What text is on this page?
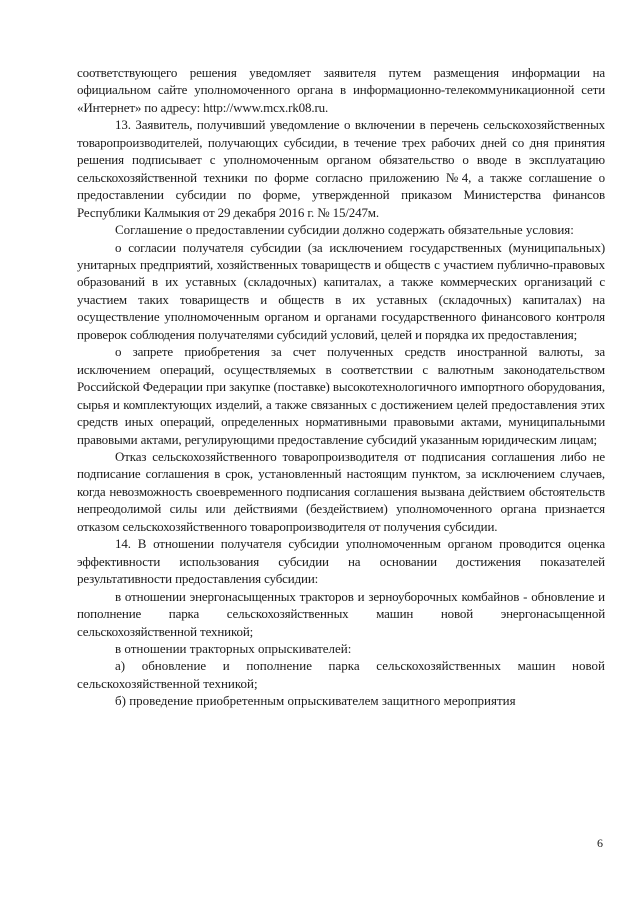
соответствующего решения уведомляет заявителя путем размещения информации на официальном сайте уполномоченного органа в информационно-телекоммуникационной сети «Интернет» по адресу: http://www.mcx.rk08.ru.

13. Заявитель, получивший уведомление о включении в перечень сельскохозяйственных товаропроизводителей, получающих субсидии, в течение трех рабочих дней со дня принятия решения подписывает с уполномоченным органом обязательство о вводе в эксплуатацию сельскохозяйственной техники по форме согласно приложению №4, а также соглашение о предоставлении субсидии по форме, утвержденной приказом Министерства финансов Республики Калмыкия от 29 декабря 2016 г. № 15/247м.

Соглашение о предоставлении субсидии должно содержать обязательные условия:

о согласии получателя субсидии (за исключением государственных (муниципальных) унитарных предприятий, хозяйственных товариществ и обществ с участием публично-правовых образований в их уставных (складочных) капиталах, а также коммерческих организаций с участием таких товариществ и обществ в их уставных (складочных) капиталах) на осуществление уполномоченным органом и органами государственного финансового контроля проверок соблюдения получателями субсидий условий, целей и порядка их предоставления;

о запрете приобретения за счет полученных средств иностранной валюты, за исключением операций, осуществляемых в соответствии с валютным законодательством Российской Федерации при закупке (поставке) высокотехнологичного импортного оборудования, сырья и комплектующих изделий, а также связанных с достижением целей предоставления этих средств иных операций, определенных нормативными правовыми актами, муниципальными правовыми актами, регулирующими предоставление субсидий указанным юридическим лицам;

Отказ сельскохозяйственного товаропроизводителя от подписания соглашения либо не подписание соглашения в срок, установленный настоящим пунктом, за исключением случаев, когда невозможность своевременного подписания соглашения вызвана действием обстоятельств непреодолимой силы или действиями (бездействием) уполномоченного органа признается отказом сельскохозяйственного товаропроизводителя от получения субсидии.

14. В отношении получателя субсидии уполномоченным органом проводится оценка эффективности использования субсидии на основании достижения показателей результативности предоставления субсидии:

в отношении энергонасыщенных тракторов и зерноуборочных комбайнов - обновление и пополнение парка сельскохозяйственных машин новой энергонасыщенной сельскохозяйственной техникой;

в отношении тракторных опрыскивателей:

а) обновление и пополнение парка сельскохозяйственных машин новой сельскохозяйственной техникой;

б) проведение приобретенным опрыскивателем защитного мероприятия

6
